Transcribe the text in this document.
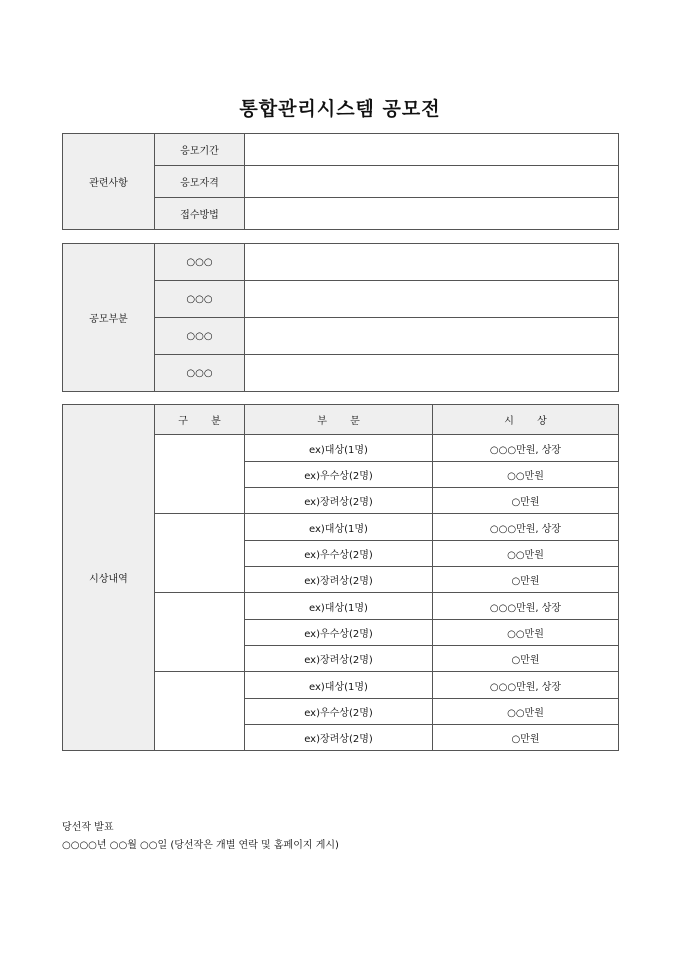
통합관리시스템 공모전
관련사항	응모기간	
	응모자격	
	접수방법	
공모부분	○○○	
	○○○	
	○○○	
	○○○	
시상내역	구 분	부 문	시 상
		ex)대상(1명)	○○○만원, 상장
		ex)우수상(2명)	○○만원
		ex)장려상(2명)	○만원
		ex)대상(1명)	○○○만원, 상장
		ex)우수상(2명)	○○만원
		ex)장려상(2명)	○만원
		ex)대상(1명)	○○○만원, 상장
		ex)우수상(2명)	○○만원
		ex)장려상(2명)	○만원
		ex)대상(1명)	○○○만원, 상장
		ex)우수상(2명)	○○만원
		ex)장려상(2명)	○만원
당선작 발표
○○○○년 ○○월 ○○일 (당선작은 개별 연락 및 홈페이지 게시)
